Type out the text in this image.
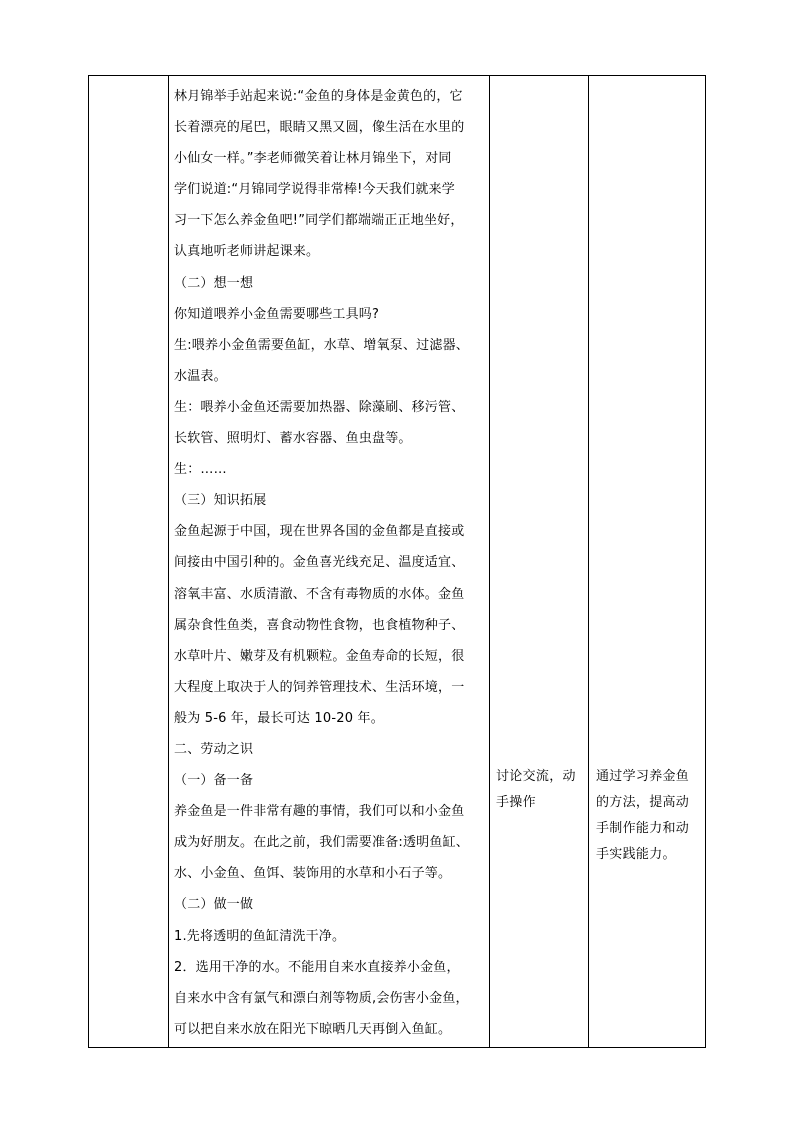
林月锦举手站起来说:“金鱼的身体是金黄色的，它
长着漂亮的尾巴，眼睛又黑又圆，像生活在水里的
小仙女一样。”李老师微笑着让林月锦坐下，对同
学们说道:“月锦同学说得非常棒!今天我们就来学
习一下怎么养金鱼吧!”同学们都端端正正地坐好，
认真地听老师讲起课来。
（二）想一想
你知道喂养小金鱼需要哪些工具吗?
生:喂养小金鱼需要鱼缸，水草、增氧泵、过滤器、
水温表。
生：喂养小金鱼还需要加热器、除藻刷、移污管、
长软管、照明灯、蓄水容器、鱼虫盘等。
生：……
（三）知识拓展
金鱼起源于中国，现在世界各国的金鱼都是直接或
间接由中国引种的。金鱼喜光线充足、温度适宜、
溶氧丰富、水质清澈、不含有毒物质的水体。金鱼
属杂食性鱼类，喜食动物性食物，也食植物种子、
水草叶片、嫩芽及有机颗粒。金鱼寿命的长短，很
大程度上取决于人的饲养管理技术、生活环境，一
般为 5-6 年，最长可达 10-20 年。
二、劳动之识
（一）备一备
养金鱼是一件非常有趣的事情，我们可以和小金鱼
成为好朋友。在此之前，我们需要准备:透明鱼缸、
水、小金鱼、鱼饵、装饰用的水草和小石子等。
（二）做一做
1.先将透明的鱼缸清洗干净。
2．选用干净的水。不能用自来水直接养小金鱼，
自来水中含有氯气和漂白剂等物质,会伤害小金鱼，
可以把自来水放在阳光下晾晒几天再倒入鱼缸。
讨论交流，动
手操作
通过学习养金鱼
的方法，提高动
手制作能力和动
手实践能力。
